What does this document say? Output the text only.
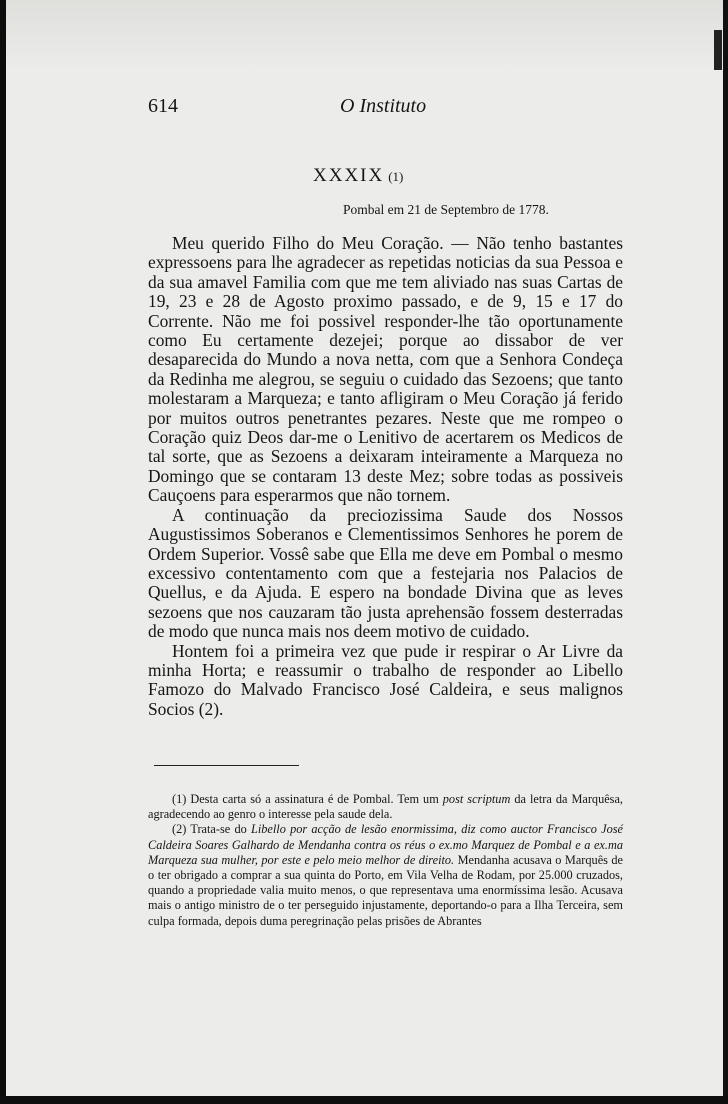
614	O Instituto
XXXIX (1)
Pombal em 21 de Septembro de 1778.

Meu querido Filho do Meu Coração. — Não tenho bastantes expressoens para lhe agradecer as repetidas noticias da sua Pessoa e da sua amavel Familia com que me tem aliviado nas suas Cartas de 19, 23 e 28 de Agosto proximo passado, e de 9, 15 e 17 do Corrente. Não me foi possivel responder-lhe tão oportunamente como Eu certamente dezejei; porque ao dissabor de ver desaparecida do Mundo a nova netta, com que a Senhora Condeça da Redinha me alegrou, se seguiu o cuidado das Sezoens; que tanto molestaram a Marqueza; e tanto afligiram o Meu Coração já ferido por muitos outros penetrantes pezares. Neste que me rompeo o Coração quiz Deos dar-me o Lenitivo de acertarem os Medicos de tal sorte, que as Sezoens a deixaram inteiramente a Marqueza no Domingo que se contaram 13 deste Mez; sobre todas as possiveis Cauçoens para esperarmos que não tornem.

A continuação da preciozissima Saude dos Nossos Augustissimos Soberanos e Clementissimos Senhores he porem de Ordem Superior. Vossê sabe que Ella me deve em Pombal o mesmo excessivo contentamento com que a festejaria nos Palacios de Quellus, e da Ajuda. E espero na bondade Divina que as leves sezoens que nos cauzaram tão justa aprehensão fossem desterradas de modo que nunca mais nos deem motivo de cuidado.

Hontem foi a primeira vez que pude ir respirar o Ar Livre da minha Horta; e reassumir o trabalho de responder ao Libello Famozo do Malvado Francisco José Caldeira, e seus malignos Socios (2).

(1) Desta carta só a assinatura é de Pombal. Tem um post scriptum da letra da Marquêsa, agradecendo ao genro o interesse pela saude dela.

(2) Trata-se do Libello por acção de lesão enormissima, diz como auctor Francisco José Caldeira Soares Galhardo de Mendanha contra os réus o ex.mo Marquez de Pombal e a ex.ma Marqueza sua mulher, por este e pelo meio melhor de direito. Mendanha acusava o Marquês de o ter obrigado a comprar a sua quinta do Porto, em Vila Velha de Rodam, por 25.000 cruzados, quando a propriedade valia muito menos, o que representava uma enormíssima lesão. Acusava mais o antigo ministro de o ter perseguido injustamente, deportando-o para a Ilha Terceira, sem culpa formada, depois duma peregrinação pelas prisões de Abrantes
